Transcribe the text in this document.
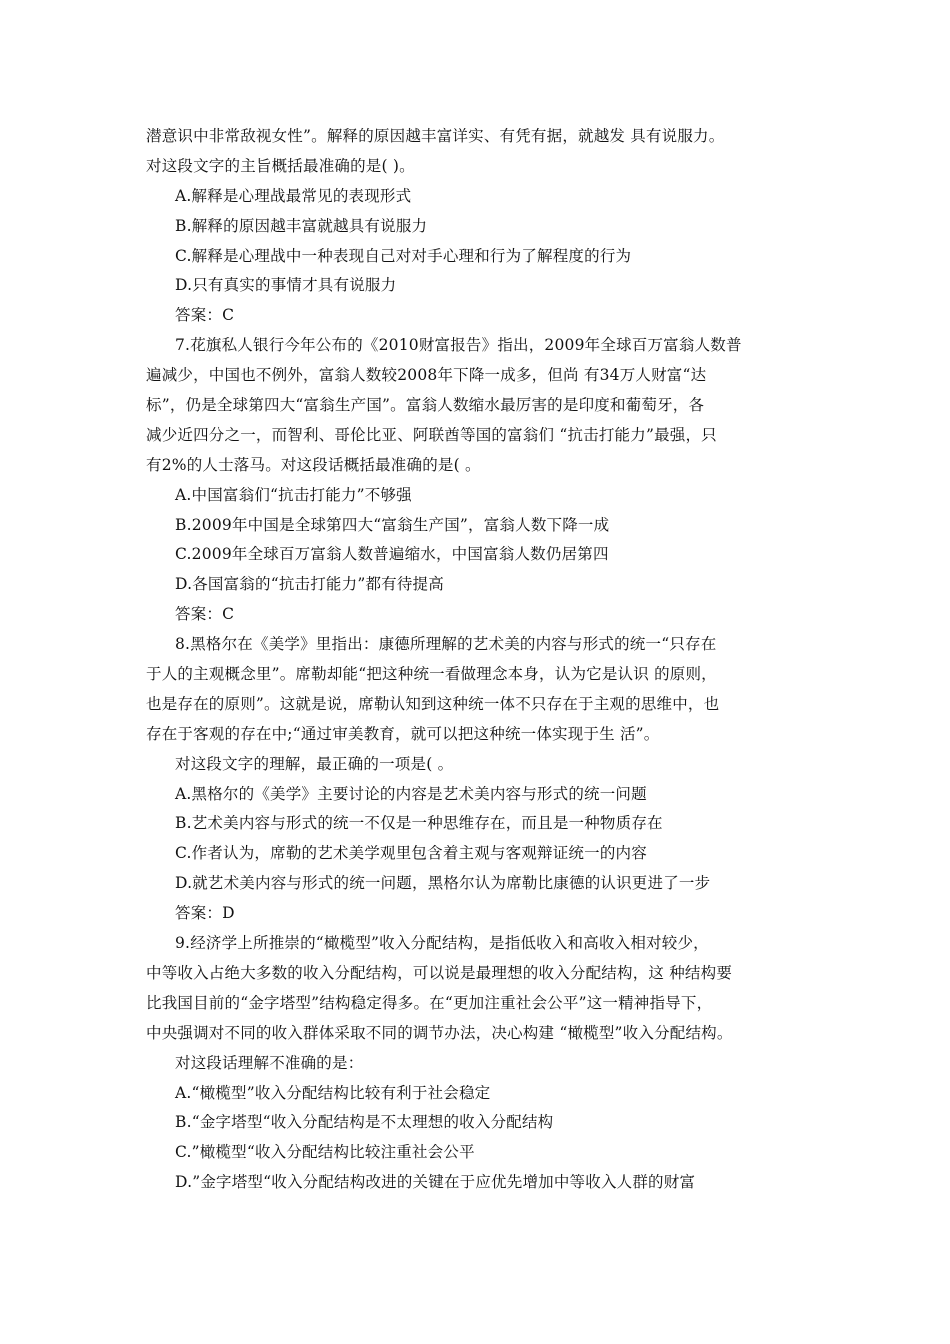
潜意识中非常敌视女性”。解释的原因越丰富详实、有凭有据，就越发 具有说服力。
对这段文字的主旨概括最准确的是( )。
A.解释是心理战最常见的表现形式
B.解释的原因越丰富就越具有说服力
C.解释是心理战中一种表现自己对对手心理和行为了解程度的行为
D.只有真实的事情才具有说服力
答案：C
7.花旗私人银行今年公布的《2010财富报告》指出，2009年全球百万富翁人数普
遍减少，中国也不例外，富翁人数较2008年下降一成多，但尚 有34万人财富“达
标”，仍是全球第四大“富翁生产国”。富翁人数缩水最厉害的是印度和葡萄牙，各
减少近四分之一，而智利、哥伦比亚、阿联酋等国的富翁们 “抗击打能力”最强，只
有2%的人士落马。对这段话概括最准确的是( 。
A.中国富翁们“抗击打能力”不够强
B.2009年中国是全球第四大“富翁生产国”，富翁人数下降一成
C.2009年全球百万富翁人数普遍缩水，中国富翁人数仍居第四
D.各国富翁的“抗击打能力”都有待提高
答案：C
8.黑格尔在《美学》里指出：康德所理解的艺术美的内容与形式的统一“只存在
于人的主观概念里”。席勒却能“把这种统一看做理念本身，认为它是认识 的原则，
也是存在的原则”。这就是说，席勒认知到这种统一体不只存在于主观的思维中，也
存在于客观的存在中;“通过审美教育，就可以把这种统一体实现于生 活”。
对这段文字的理解，最正确的一项是( 。
A.黑格尔的《美学》主要讨论的内容是艺术美内容与形式的统一问题
B.艺术美内容与形式的统一不仅是一种思维存在，而且是一种物质存在
C.作者认为，席勒的艺术美学观里包含着主观与客观辩证统一的内容
D.就艺术美内容与形式的统一问题，黑格尔认为席勒比康德的认识更进了一步
答案：D
9.经济学上所推崇的“橄榄型”收入分配结构，是指低收入和高收入相对较少，
中等收入占绝大多数的收入分配结构，可以说是最理想的收入分配结构，这 种结构要
比我国目前的“金字塔型”结构稳定得多。在“更加注重社会公平”这一精神指导下，
中央强调对不同的收入群体采取不同的调节办法，决心构建 “橄榄型”收入分配结构。
对这段话理解不准确的是：
A.“橄榄型”收入分配结构比较有利于社会稳定
B.“金字塔型“收入分配结构是不太理想的收入分配结构
C.”橄榄型“收入分配结构比较注重社会公平
D.”金字塔型“收入分配结构改进的关键在于应优先增加中等收入人群的财富
